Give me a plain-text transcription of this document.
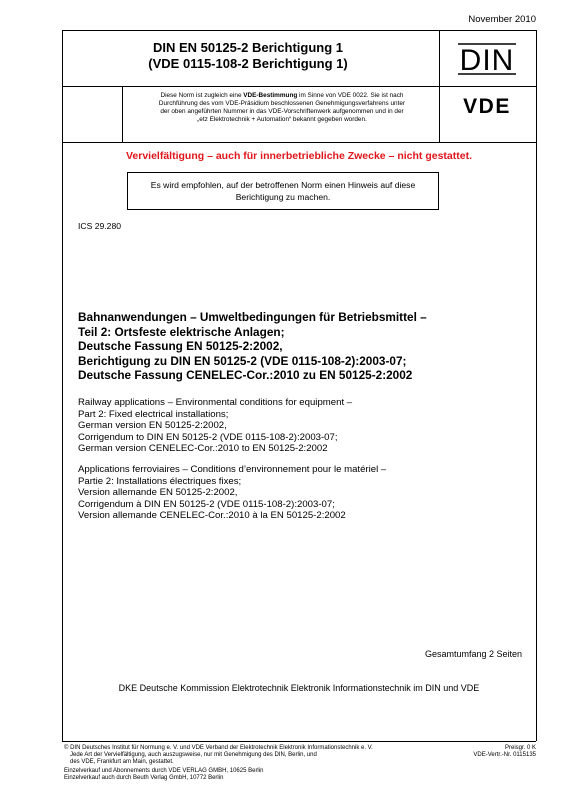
November 2010
DIN EN 50125-2 Berichtigung 1
(VDE 0115-108-2 Berichtigung 1)	DIN
VDE
Diese Norm ist zugleich eine VDE-Bestimmung im Sinne von VDE 0022. Sie ist nach
Durchführung des vom VDE-Präsidium beschlossenen Genehmigungsverfahrens unter
der oben angeführten Nummer in das VDE-Vorschriftenwerk aufgenommen und in der
„etz Elektrotechnik + Automation“ bekannt gegeben worden.
Vervielfältigung – auch für innerbetriebliche Zwecke – nicht gestattet.
Es wird empfohlen, auf der betroffenen Norm einen Hinweis auf diese
Berichtigung zu machen.
ICS 29.280
Bahnanwendungen – Umweltbedingungen für Betriebsmittel –
Teil 2: Ortsfeste elektrische Anlagen;
Deutsche Fassung EN 50125-2:2002,
Berichtigung zu DIN EN 50125-2 (VDE 0115-108-2):2003-07;
Deutsche Fassung CENELEC-Cor.:2010 zu EN 50125-2:2002
Railway applications – Environmental conditions for equipment –
Part 2: Fixed electrical installations;
German version EN 50125-2:2002,
Corrigendum to DIN EN 50125-2 (VDE 0115-108-2):2003-07;
German version CENELEC-Cor.:2010 to EN 50125-2:2002
Applications ferroviaires – Conditions d’environnement pour le matériel –
Partie 2: Installations électriques fixes;
Version allemande EN 50125-2:2002,
Corrigendum à DIN EN 50125-2 (VDE 0115-108-2):2003-07;
Version allemande CENELEC-Cor.:2010 à la EN 50125-2:2002
Gesamtumfang 2 Seiten
DKE Deutsche Kommission Elektrotechnik Elektronik Informationstechnik im DIN und VDE
© DIN Deutsches Institut für Normung e. V. und VDE Verband der Elektrotechnik Elektronik Informationstechnik e. V.
Jede Art der Vervielfältigung, auch auszugsweise, nur mit Genehmigung des DIN, Berlin, und
des VDE, Frankfurt am Main, gestattet.
Preisgr. 0 K
VDE-Vertr.-Nr. 0115135
Einzelverkauf und Abonnements durch VDE VERLAG GMBH, 10625 Berlin
Einzelverkauf auch durch Beuth Verlag GmbH, 10772 Berlin
